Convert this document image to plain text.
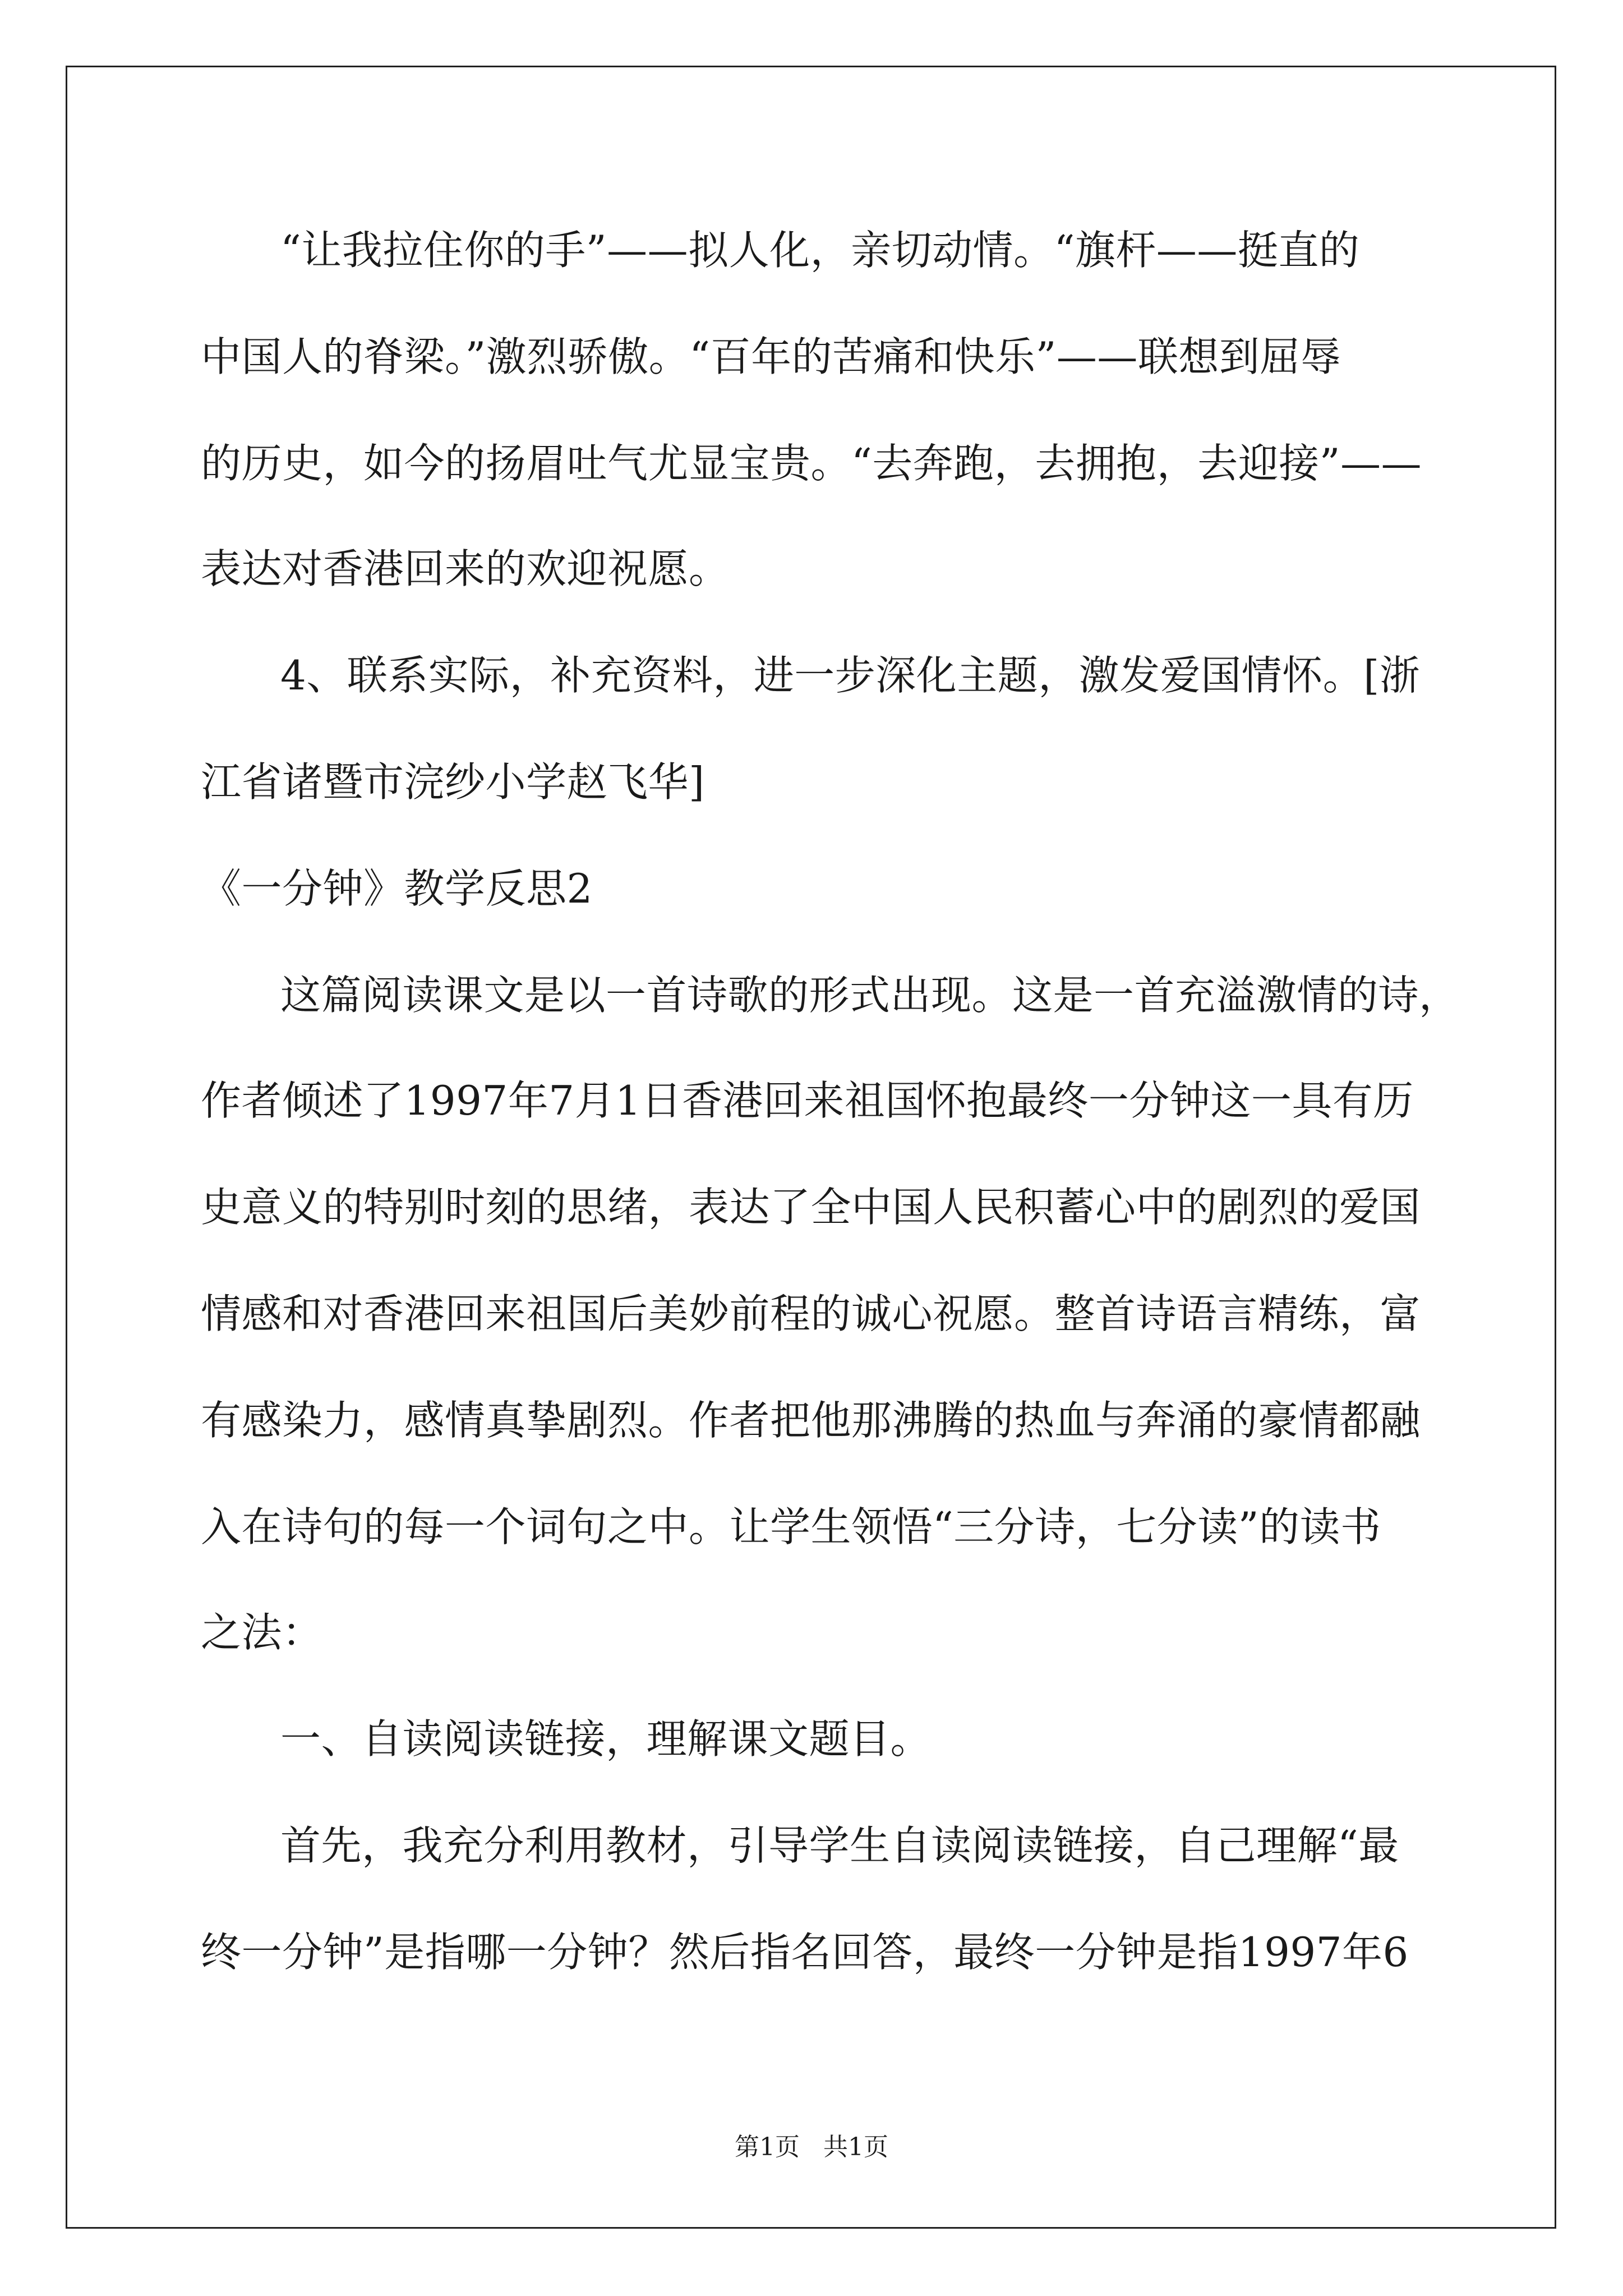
“让我拉住你的手”——拟人化，亲切动情。“旗杆——挺直的
中国人的脊梁。”激烈骄傲。“百年的苦痛和快乐”——联想到屈辱
的历史，如今的扬眉吐气尤显宝贵。“去奔跑，去拥抱，去迎接”——
表达对香港回来的欢迎祝愿。
4、联系实际，补充资料，进一步深化主题，激发爱国情怀。[浙
江省诸暨市浣纱小学赵飞华]
《一分钟》教学反思2
这篇阅读课文是以一首诗歌的形式出现。这是一首充溢激情的诗，
作者倾述了1997年7月1日香港回来祖国怀抱最终一分钟这一具有历
史意义的特别时刻的思绪，表达了全中国人民积蓄心中的剧烈的爱国
情感和对香港回来祖国后美妙前程的诚心祝愿。整首诗语言精练，富
有感染力，感情真挚剧烈。作者把他那沸腾的热血与奔涌的豪情都融
入在诗句的每一个词句之中。让学生领悟“三分诗，七分读”的读书
之法：
一、自读阅读链接，理解课文题目。
首先，我充分利用教材，引导学生自读阅读链接，自己理解“最
终一分钟”是指哪一分钟？然后指名回答，最终一分钟是指1997年6
第1页   共1页
